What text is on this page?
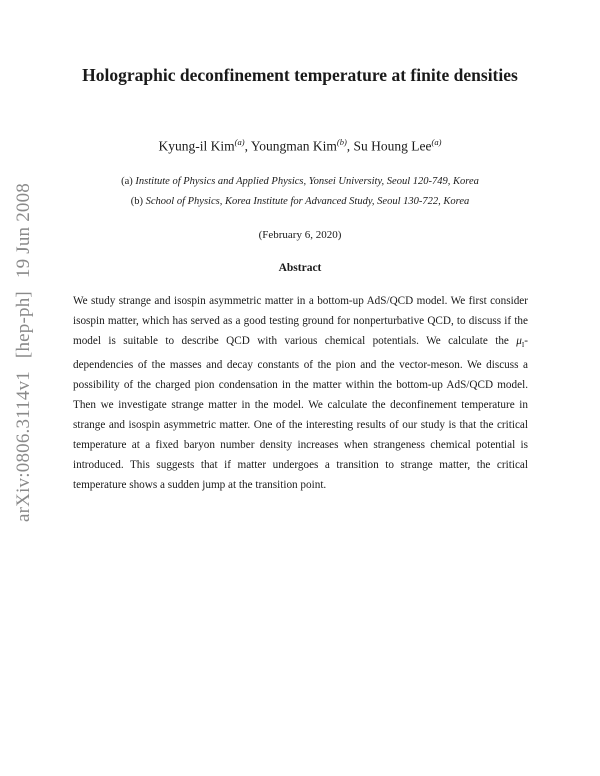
arXiv:0806.3114v1 [hep-ph] 19 Jun 2008
Holographic deconfinement temperature at finite densities
Kyung-il Kim$^{(a)}$, Youngman Kim$^{(b)}$, Su Houng Lee$^{(a)}$
(a) Institute of Physics and Applied Physics, Yonsei University, Seoul 120-749, Korea
(b) School of Physics, Korea Institute for Advanced Study, Seoul 130-722, Korea
(February 6, 2020)
Abstract

We study strange and isospin asymmetric matter in a bottom-up AdS/QCD model. We first consider isospin matter, which has served as a good testing ground for nonperturbative QCD, to discuss if the model is suitable to describe QCD with various chemical potentials. We calculate the $\mu_I$-dependencies of the masses and decay constants of the pion and the vector-meson. We discuss a possibility of the charged pion condensation in the matter within the bottom-up AdS/QCD model. Then we investigate strange matter in the model. We calculate the deconfinement temperature in strange and isospin asymmetric matter. One of the interesting results of our study is that the critical temperature at a fixed baryon number density increases when strangeness chemical potential is introduced. This suggests that if matter undergoes a transition to strange matter, the critical temperature shows a sudden jump at the transition point.
